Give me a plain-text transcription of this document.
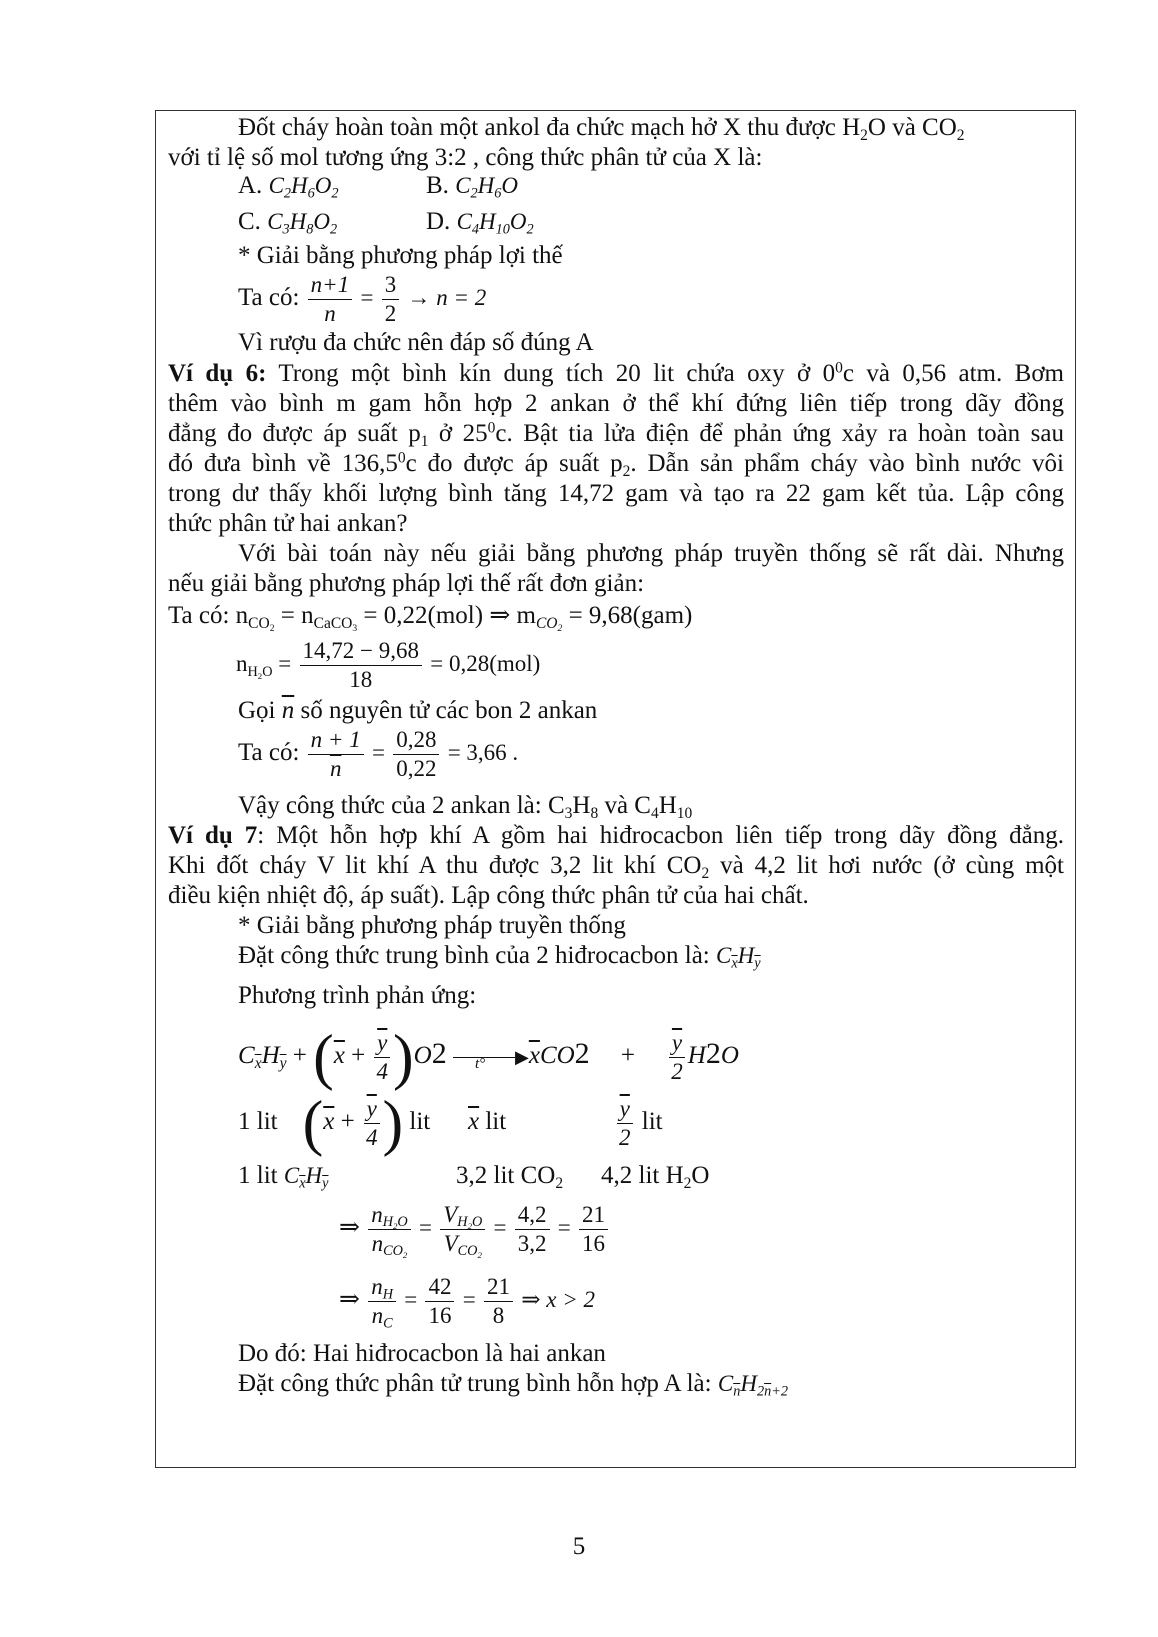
Đốt cháy hoàn toàn một ankol đa chức mạch hở X thu được $H_2O$ và $CO_2$
với tỉ lệ số mol tương ứng 3:2 , công thức phân tử của X là:
A. $C_2H_6O_2$	B. $C_2H_6O$
C. $C_3H_8O_2$	D. $C_4H_{10}O_2$
* Giải bằng phương pháp lợi thế
Ta có: $\frac{n+1}{n} = \frac{3}{2} \to n = 2$
Vì rượu đa chức nên đáp số đúng A
Ví dụ 6: Trong một bình kín dung tích 20 lit chứa oxy ở $0^0c$ và 0,56 atm. Bơm
thêm vào bình m gam hỗn hợp 2 ankan ở thể khí đứng liên tiếp trong dãy đồng
đẳng đo được áp suất $p_1$ ở $25^0c$. Bật tia lửa điện để phản ứng xảy ra hoàn toàn sau
đó đưa bình về 136,5$^0$c đo được áp suất $p_2$. Dẫn sản phẩm cháy vào bình nước vôi
trong dư thấy khối lượng bình tăng 14,72 gam và tạo ra 22 gam kết tủa. Lập công
thức phân tử hai ankan?
Với bài toán này nếu giải bằng phương pháp truyền thống sẽ rất dài. Nhưng
nếu giải bằng phương pháp lợi thế rất đơn giản:
Ta có: $n_{CO_2} = n_{CaCO_3} = 0,22(mol)$ ⇒ $m_{CO_2} = 9,68(gam)$
$n_{H_2O} = \frac{14,72 - 9,68}{18} = 0,28(mol)$
Gọi $\overline{n}$ số nguyên tử các bon 2 ankan
Ta có: $\frac{n + 1}{n} = \frac{0,28}{0,22} = 3,66$ .
Vậy công thức của 2 ankan là: $C_3H_8$ và $C_4H_{10}$
Ví dụ 7: Một hỗn hợp khí A gồm hai hiđrocacbon liên tiếp trong dãy đồng đẳng.
Khi đốt cháy V lit khí A thu được 3,2 lit khí $CO_2$ và 4,2 lit hơi nước (ở cùng một
điều kiện nhiệt độ, áp suất). Lập công thức phân tử của hai chất.
* Giải bằng phương pháp truyền thống
Đặt công thức trung bình của 2 hiđrocacbon là: $C_{\overline{x}}H_{\overline{y}}$
Phương trình phản ứng:
$C_{\overline{x}}H_{\overline{y}} + (\overline{x} + \frac{\overline{y}}{4} )O2$ t° $▶\overline{x}CO2$     + $\frac{\overline{y}}{2} H2O$
1 lit ($\overline{x} + \frac{\overline{y}}{4}$ ) lit $\overline{x}$ lit	$\frac{\overline{y}}{2}$ lit
1 lit $C_{\overline{x}}H_{\overline{y}}$	3,2 lit $CO_2$ 4,2 lit $H_2O$
⇒ $n_{H_2O}$
$n_{CO_2}$
=
$V_{H_2O}$
$V_{CO_2}$
= $\frac{4,2}{3,2} = \frac{21}{16}$
⇒ $\frac{n_H}{n_C} = \frac{42}{16} = \frac{21}{8}$ ⇒ x > 2
Do đó: Hai hiđrocacbon là hai ankan
Đặt công thức phân tử trung bình hỗn hợp A là: $C_{\overline{n}}H_{2\overline{n}+2}$
5
